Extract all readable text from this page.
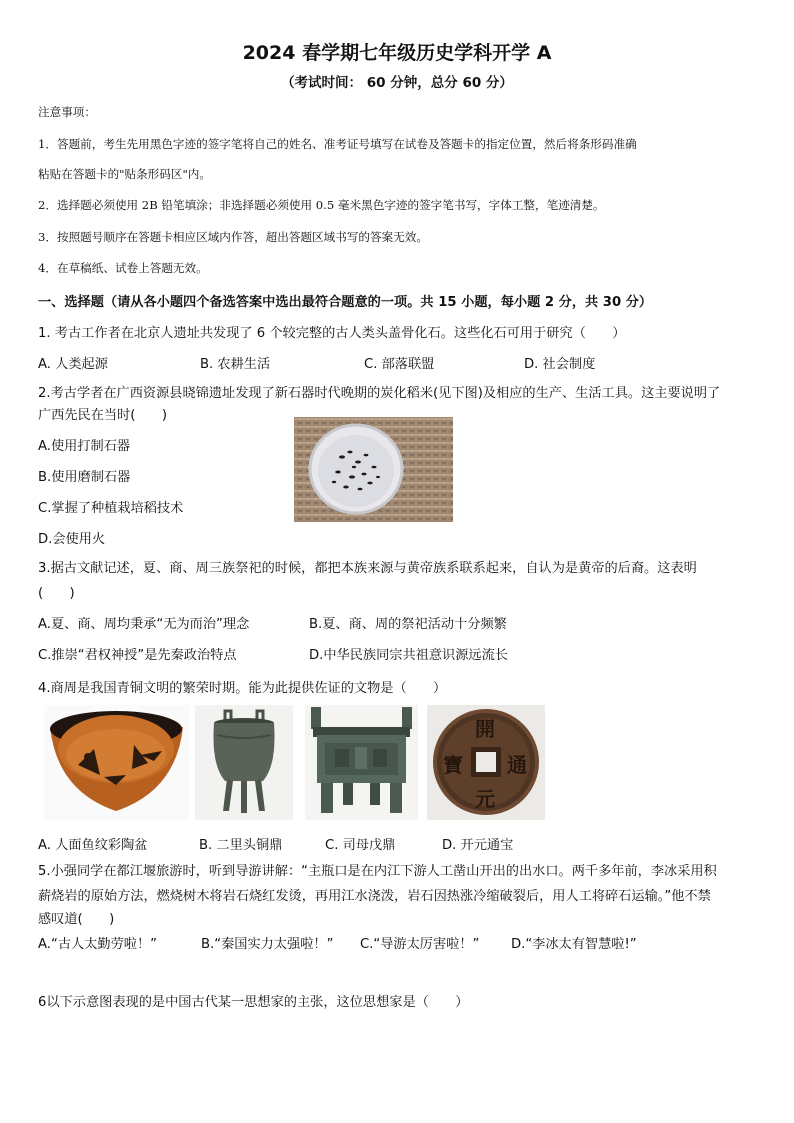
2024 春学期七年级历史学科开学 A
（考试时间： 60 分钟，总分 60 分）
注意事项：
1．答题前，考生先用黑色字迹的签字笔将自己的姓名、准考证号填写在试卷及答题卡的指定位置，然后将条形码准确
粘贴在答题卡的"贴条形码区"内。
2．选择题必须使用 2B 铅笔填涂；非选择题必须使用 0.5 毫米黑色字迹的签字笔书写，字体工整，笔迹清楚。
3．按照题号顺序在答题卡相应区域内作答，超出答题区域书写的答案无效。
4．在草稿纸、试卷上答题无效。
一、选择题（请从各小题四个备选答案中选出最符合题意的一项。共 15 小题，每小题 2 分，共 30 分）
1. 考古工作者在北京人遗址共发现了 6 个较完整的古人类头盖骨化石。这些化石可用于研究（　　）
A. 人类起源	B. 农耕生活	C. 部落联盟	D. 社会制度
2.考古学者在广西资源县晓锦遗址发现了新石器时代晚期的炭化稻米(见下图)及相应的生产、生活工具。这主要说明了
广西先民在当时(　　)
A.使用打制石器
B.使用磨制石器
C.掌握了种植栽培稻技术
D.会使用火
3.据古文献记述，夏、商、周三族祭祀的时候，都把本族来源与黄帝族系联系起来，自认为是黄帝的后裔。这表明
(　　)
A.夏、商、周均秉承“无为而治”理念	B.夏、商、周的祭祀活动十分频繁
C.推崇“君权神授”是先秦政治特点	D.中华民族同宗共祖意识源远流长
4.商周是我国青铜文明的繁荣时期。能为此提供佐证的文物是（　　）
開
通
元
寶
A. 人面鱼纹彩陶盆	B. 二里头铜鼎	C. 司母戊鼎	D. 开元通宝
5.小强同学在都江堰旅游时，听到导游讲解：“主瓶口是在内江下游人工凿山开出的出水口。两千多年前，李冰采用积
薪烧岩的原始方法，燃烧树木将岩石烧红发烫，再用江水浇泼，岩石因热涨冷缩破裂后，用人工将碎石运输。”他不禁
感叹道(　　)
A.“古人太勤劳啦！”	B.“秦国实力太强啦！” C.“导游太厉害啦！” D.“李冰太有智慧啦!”
6以下示意图表现的是中国古代某一思想家的主张，这位思想家是（　　）
